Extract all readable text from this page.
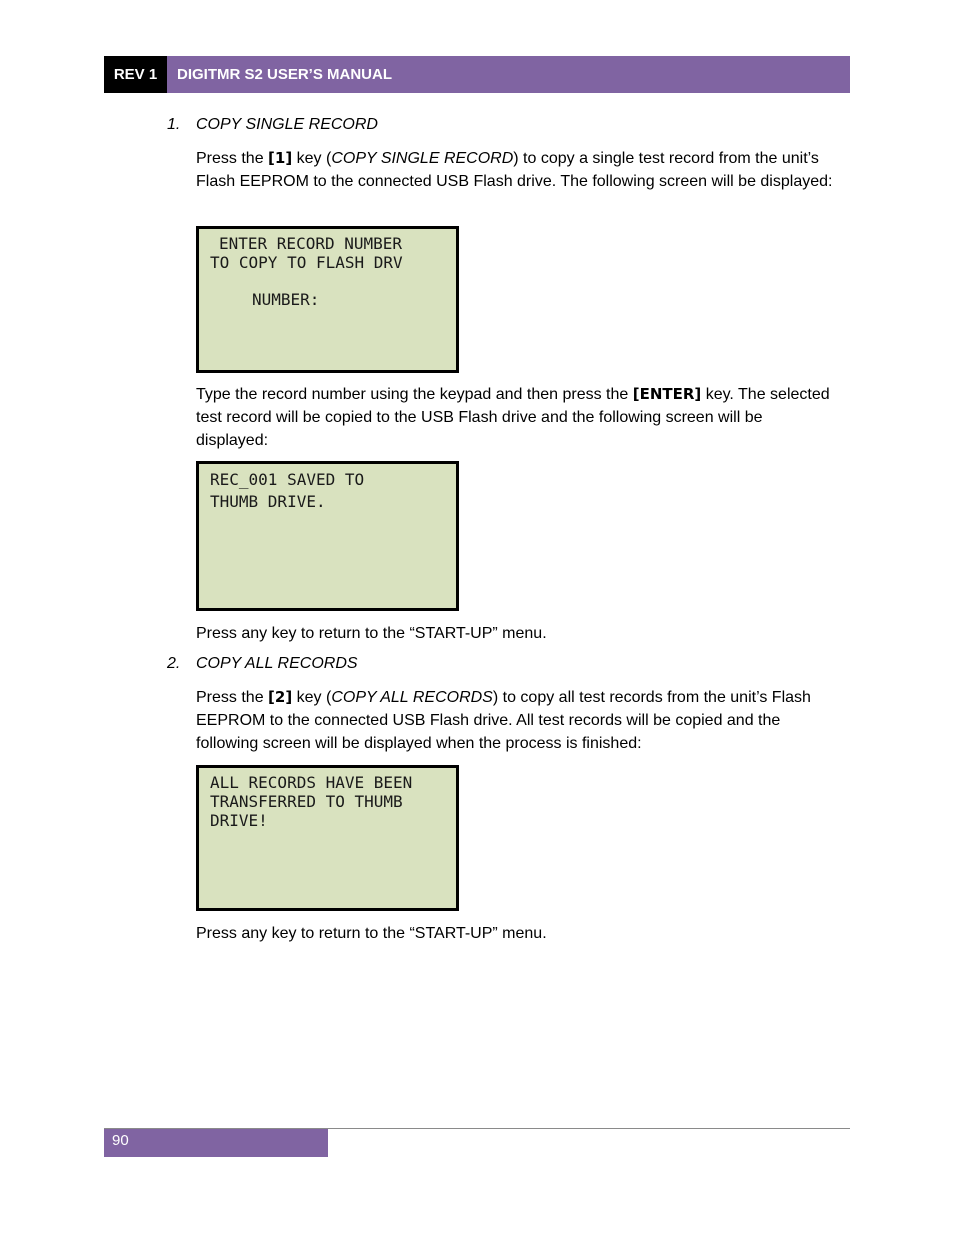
REV 1	DIGITMR S2 USER’S MANUAL
1. COPY SINGLE RECORD
Press the [1] key (COPY SINGLE RECORD) to copy a single test record from the unit’s Flash EEPROM to the connected USB Flash drive. The following screen will be displayed:
ENTER RECORD NUMBER
TO COPY TO FLASH DRV
NUMBER:
Type the record number using the keypad and then press the [ENTER] key. The selected test record will be copied to the USB Flash drive and the following screen will be displayed:
REC_001 SAVED TO
THUMB DRIVE.
Press any key to return to the “START-UP” menu.
2. COPY ALL RECORDS
Press the [2] key (COPY ALL RECORDS) to copy all test records from the unit’s Flash EEPROM to the connected USB Flash drive. All test records will be copied and the following screen will be displayed when the process is finished:
ALL RECORDS HAVE BEEN
TRANSFERRED TO THUMB
DRIVE!
Press any key to return to the “START-UP” menu.
90
